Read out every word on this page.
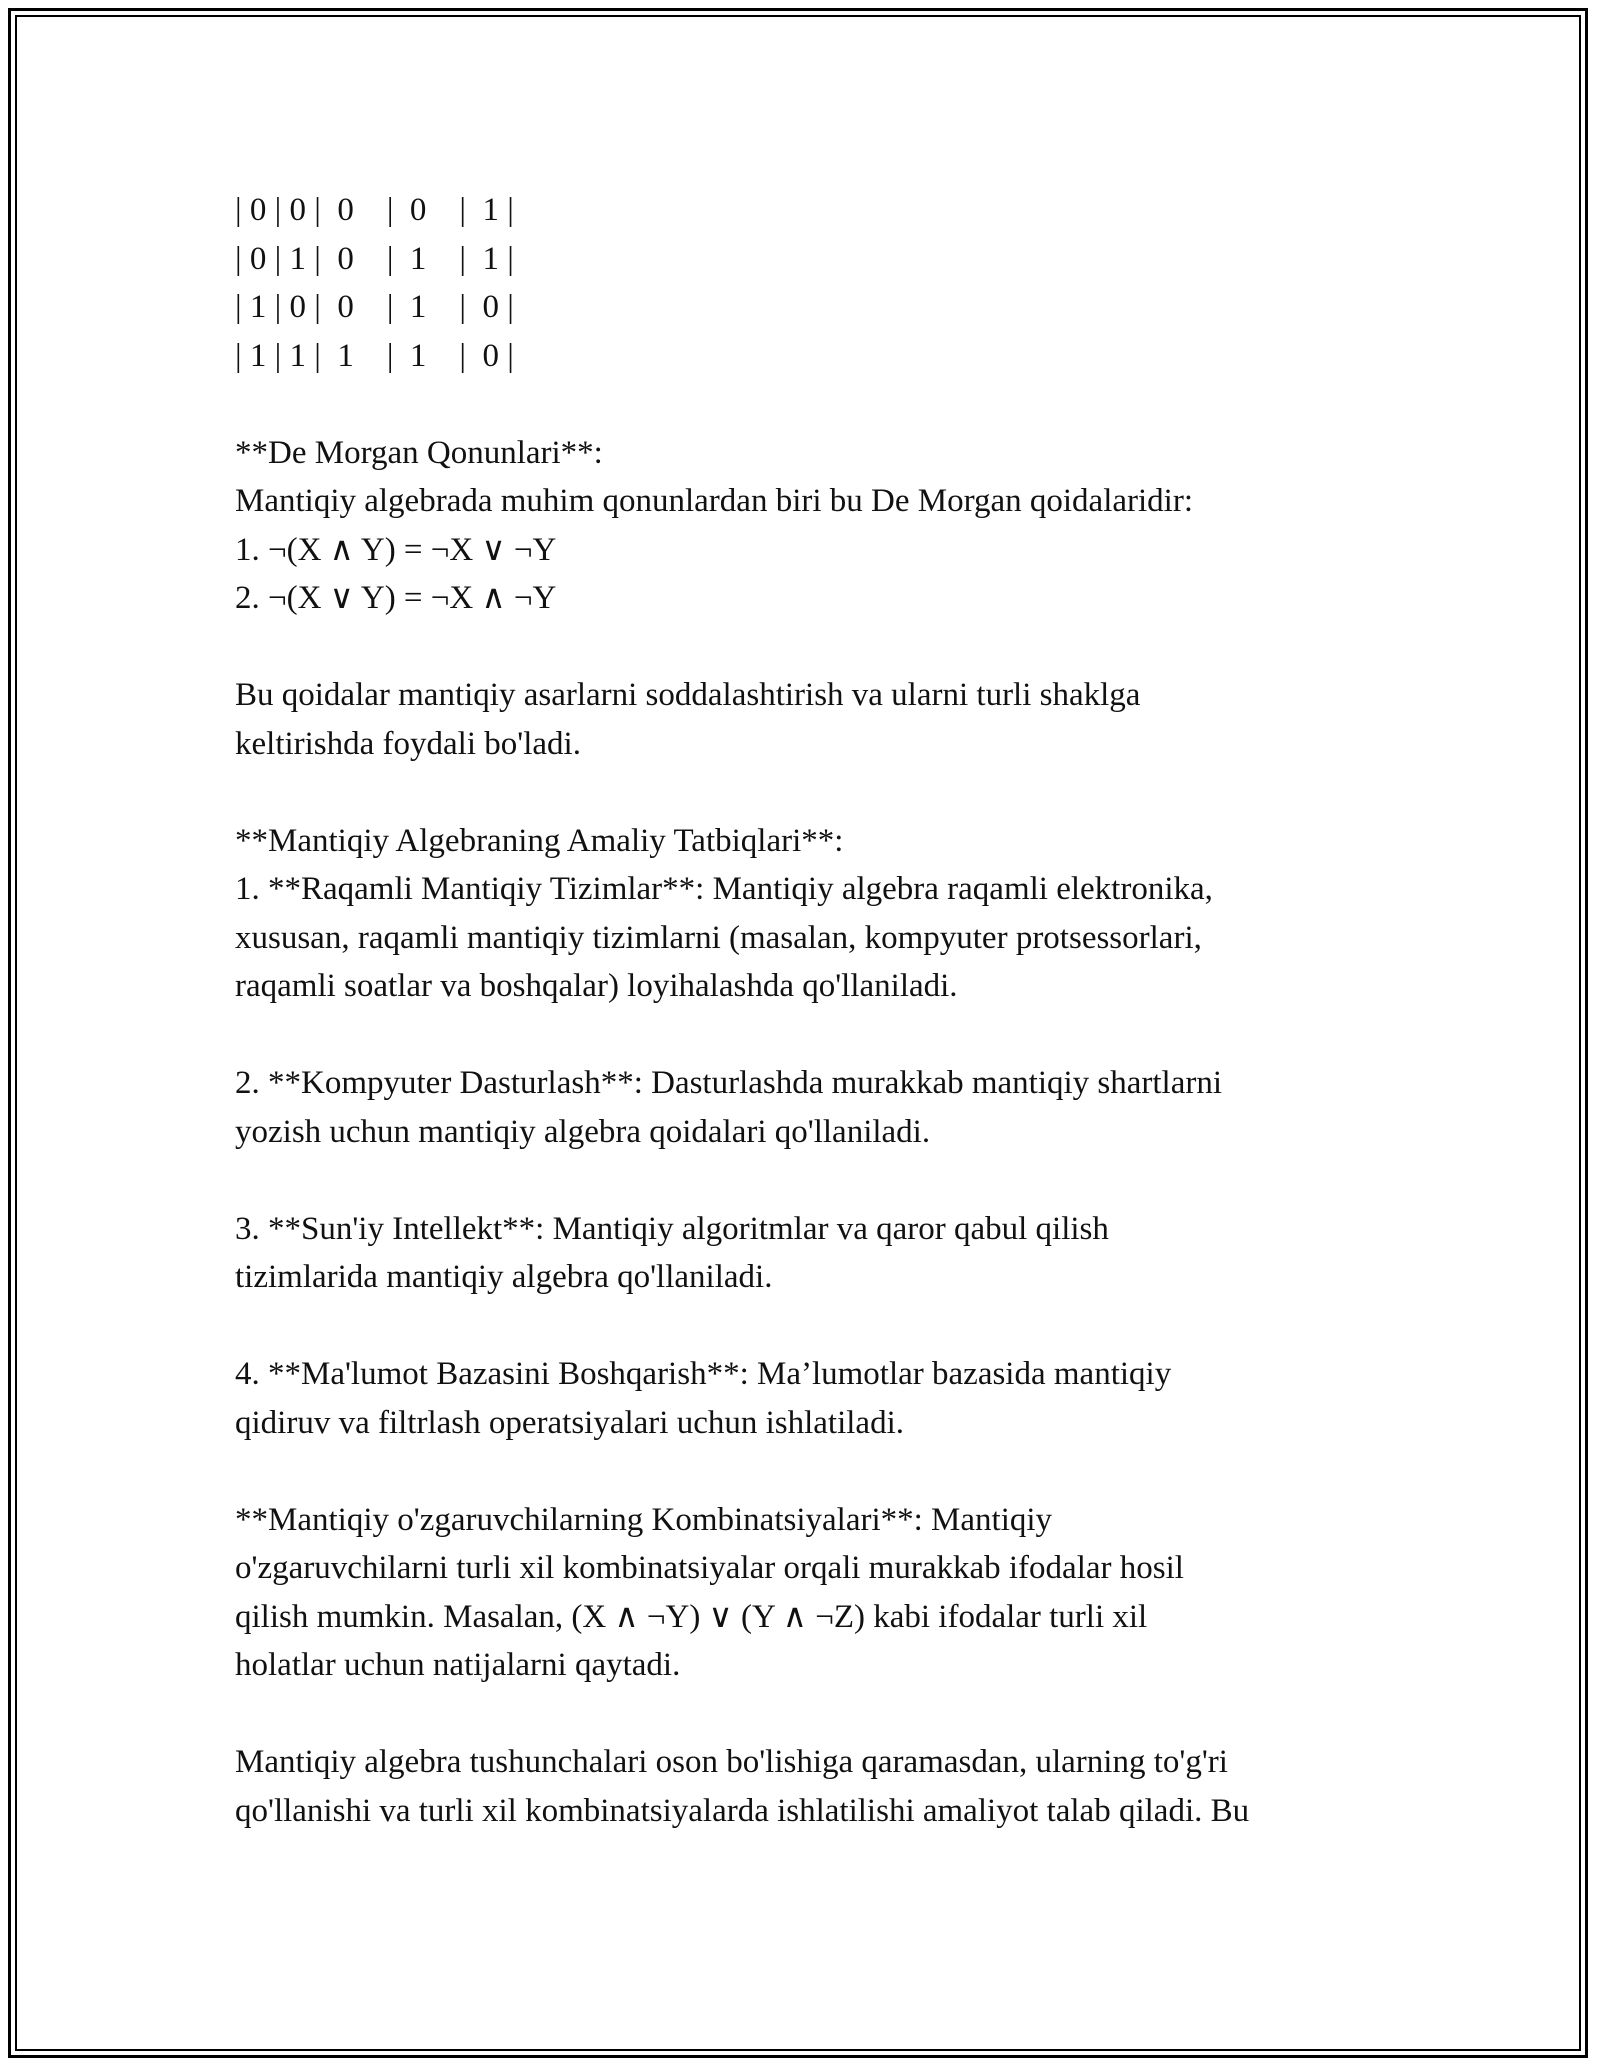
| 0 | 0 |  0    |  0    |  1 |
| 0 | 1 |  0    |  1    |  1 |
| 1 | 0 |  0    |  1    |  0 |
| 1 | 1 |  1    |  1    |  0 |
**De Morgan Qonunlari**:
Mantiqiy algebrada muhim qonunlardan biri bu De Morgan qoidalaridir:
1. ¬(X ∧ Y) = ¬X ∨ ¬Y
2. ¬(X ∨ Y) = ¬X ∧ ¬Y
Bu qoidalar mantiqiy asarlarni soddalashtirish va ularni turli shaklga
keltirishda foydali bo'ladi.
**Mantiqiy Algebraning Amaliy Tatbiqlari**:
1. **Raqamli Mantiqiy Tizimlar**: Mantiqiy algebra raqamli elektronika,
xususan, raqamli mantiqiy tizimlarni (masalan, kompyuter protsessorlari,
raqamli soatlar va boshqalar) loyihalashda qo'llaniladi.
2. **Kompyuter Dasturlash**: Dasturlashda murakkab mantiqiy shartlarni
yozish uchun mantiqiy algebra qoidalari qo'llaniladi.
3. **Sun'iy Intellekt**: Mantiqiy algoritmlar va qaror qabul qilish
tizimlarida mantiqiy algebra qo'llaniladi.
4. **Ma'lumot Bazasini Boshqarish**: Ma’lumotlar bazasida mantiqiy
qidiruv va filtrlash operatsiyalari uchun ishlatiladi.
**Mantiqiy o'zgaruvchilarning Kombinatsiyalari**: Mantiqiy
o'zgaruvchilarni turli xil kombinatsiyalar orqali murakkab ifodalar hosil
qilish mumkin. Masalan, (X ∧ ¬Y) ∨ (Y ∧ ¬Z) kabi ifodalar turli xil
holatlar uchun natijalarni qaytadi.
Mantiqiy algebra tushunchalari oson bo'lishiga qaramasdan, ularning to'g'ri
qo'llanishi va turli xil kombinatsiyalarda ishlatilishi amaliyot talab qiladi. Bu
